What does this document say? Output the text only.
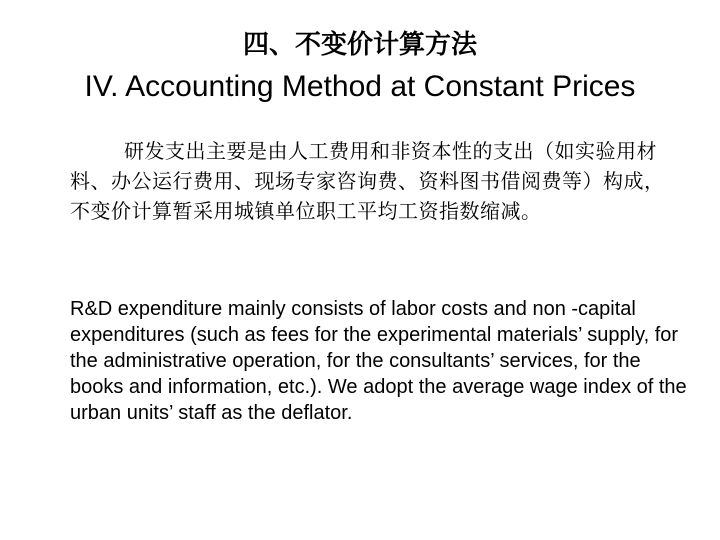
四、不变价计算方法
IV. Accounting Method at Constant Prices
研发支出主要是由人工费用和非资本性的支出（如实验用材料、办公运行费用、现场专家咨询费、资料图书借阅费等）构成，不变价计算暂采用城镇单位职工平均工资指数缩减。
R&D expenditure mainly consists of labor costs and non -capital expenditures (such as fees for the experimental materials’ supply, for the administrative operation, for the consultants’ services, for the books and information, etc.). We adopt the average wage index of the urban units’ staff as the deflator.
